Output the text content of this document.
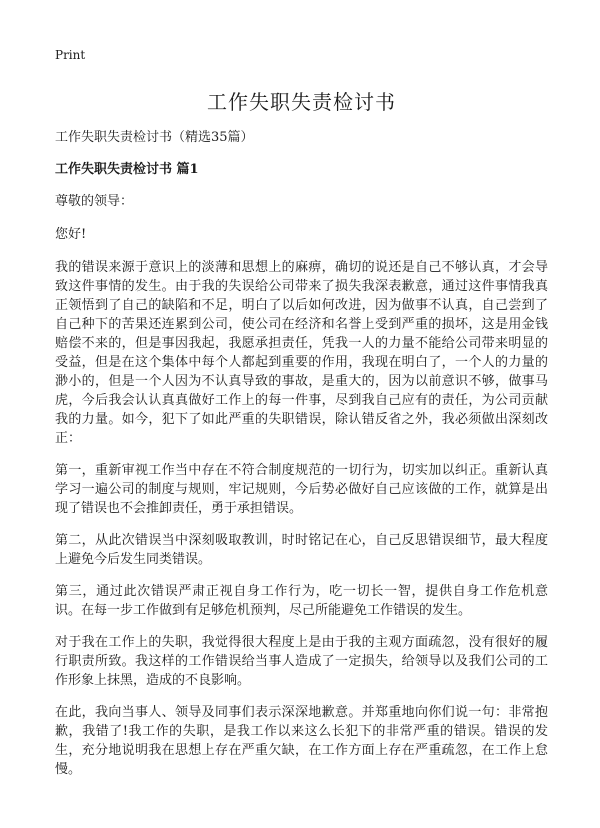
Print
工作失职失责检讨书

工作失职失责检讨书（精选35篇）

工作失职失责检讨书 篇1

尊敬的领导：

您好!

我的错误来源于意识上的淡薄和思想上的麻痹，确切的说还是自己不够认真，才会导致这件事情的发生。由于我的失误给公司带来了损失我深表歉意，通过这件事情我真正领悟到了自己的缺陷和不足，明白了以后如何改进，因为做事不认真，自己尝到了自己种下的苦果还连累到公司，使公司在经济和名誉上受到严重的损坏，这是用金钱赔偿不来的，但是事因我起，我愿承担责任，凭我一人的力量不能给公司带来明显的受益，但是在这个集体中每个人都起到重要的作用，我现在明白了，一个人的力量的渺小的，但是一个人因为不认真导致的事故，是重大的，因为以前意识不够，做事马虎，今后我会认认真真做好工作上的每一件事，尽到我自己应有的责任，为公司贡献我的力量。如今，犯下了如此严重的失职错误，除认错反省之外，我必须做出深刻改正：

第一，重新审视工作当中存在不符合制度规范的一切行为，切实加以纠正。重新认真学习一遍公司的制度与规则，牢记规则，今后势必做好自己应该做的工作，就算是出现了错误也不会推卸责任，勇于承担错误。

第二，从此次错误当中深刻吸取教训，时时铭记在心，自己反思错误细节，最大程度上避免今后发生同类错误。

第三，通过此次错误严肃正视自身工作行为，吃一切长一智，提供自身工作危机意识。在每一步工作做到有足够危机预判，尽己所能避免工作错误的发生。

对于我在工作上的失职，我觉得很大程度上是由于我的主观方面疏忽，没有很好的履行职责所致。我这样的工作错误给当事人造成了一定损失，给领导以及我们公司的工作形象上抹黑，造成的不良影响。

在此，我向当事人、领导及同事们表示深深地歉意。并郑重地向你们说一句：非常抱歉，我错了!我工作的失职，是我工作以来这么长犯下的非常严重的错误。错误的发生，充分地说明我在思想上存在严重欠缺，在工作方面上存在严重疏忽，在工作上怠慢。
